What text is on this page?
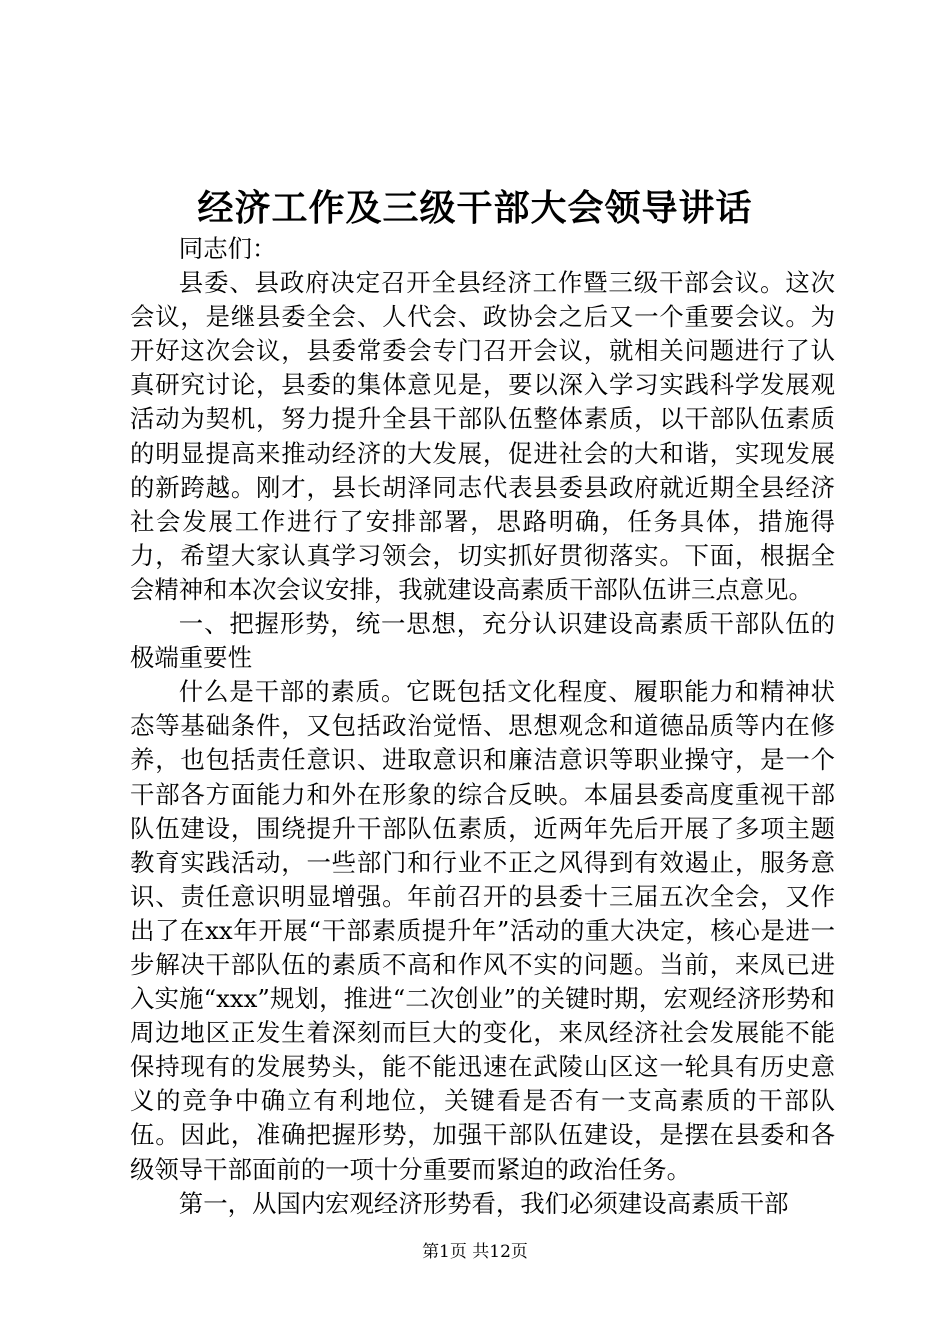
经济工作及三级干部大会领导讲话

同志们：

县委、县政府决定召开全县经济工作暨三级干部会议。这次会议，是继县委全会、人代会、政协会之后又一个重要会议。为开好这次会议，县委常委会专门召开会议，就相关问题进行了认真研究讨论，县委的集体意见是，要以深入学习实践科学发展观活动为契机，努力提升全县干部队伍整体素质，以干部队伍素质的明显提高来推动经济的大发展，促进社会的大和谐，实现发展的新跨越。刚才，县长胡泽同志代表县委县政府就近期全县经济社会发展工作进行了安排部署，思路明确，任务具体，措施得力，希望大家认真学习领会，切实抓好贯彻落实。下面，根据全会精神和本次会议安排，我就建设高素质干部队伍讲三点意见。

一、把握形势，统一思想，充分认识建设高素质干部队伍的极端重要性

什么是干部的素质。它既包括文化程度、履职能力和精神状态等基础条件，又包括政治觉悟、思想观念和道德品质等内在修养，也包括责任意识、进取意识和廉洁意识等职业操守，是一个干部各方面能力和外在形象的综合反映。本届县委高度重视干部队伍建设，围绕提升干部队伍素质，近两年先后开展了多项主题教育实践活动，一些部门和行业不正之风得到有效遏止，服务意识、责任意识明显增强。年前召开的县委十三届五次全会，又作出了在xx年开展“干部素质提升年”活动的重大决定，核心是进一步解决干部队伍的素质不高和作风不实的问题。当前，来凤已进入实施“xxx”规划，推进“二次创业”的关键时期，宏观经济形势和周边地区正发生着深刻而巨大的变化，来凤经济社会发展能不能保持现有的发展势头，能不能迅速在武陵山区这一轮具有历史意义的竞争中确立有利地位，关键看是否有一支高素质的干部队伍。因此，准确把握形势，加强干部队伍建设，是摆在县委和各级领导干部面前的一项十分重要而紧迫的政治任务。

第一，从国内宏观经济形势看，我们必须建设高素质干部

第1页 共12页
